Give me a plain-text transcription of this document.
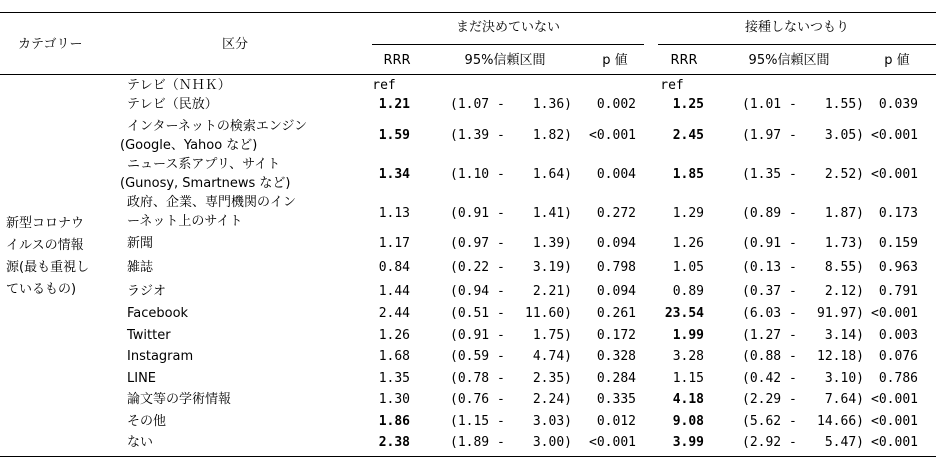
カテゴリー	区分
まだ決めていない	接種しないつもり
RRR	95%信頼区間	p 値	RRR	95%信頼区間	p 値
新型コロナウ
イルスの情報
源(最も重視し
ているもの)
テレビ（ＮＨＫ）	ref	ref
テレビ（民放）	1.21	(1.07 -	1.36)	0.002	1.25	(1.01 -	1.55)	0.039
インターネットの検索エンジン
(Google、Yahoo など)
1.59	(1.39 -	1.82)	<0.001	2.45	(1.97 -	3.05) <0.001
ニュース系アプリ、サイト
(Gunosy, Smartnews など)
1.34	(1.10 -	1.64)	0.004	1.85	(1.35 -	2.52) <0.001
政府、企業、専門機関のイン
ーネット上のサイト
1.13	(0.91 -	1.41)	0.272	1.29	(0.89 -	1.87)	0.173
新聞	1.17	(0.97 -	1.39)	0.094	1.26	(0.91 -	1.73)	0.159
雑誌	0.84	(0.22 -	3.19)	0.798	1.05	(0.13 -	8.55)	0.963
ラジオ	1.44	(0.94 -	2.21)	0.094	0.89	(0.37 -	2.12)	0.791
Facebook	2.44	(0.51 -	11.60)	0.261	23.54	(6.03 -	91.97) <0.001
Twitter	1.26	(0.91 -	1.75)	0.172	1.99	(1.27 -	3.14)	0.003
Instagram	1.68	(0.59 -	4.74)	0.328	3.28	(0.88 -	12.18)	0.076
LINE	1.35	(0.78 -	2.35)	0.284	1.15	(0.42 -	3.10)	0.786
論文等の学術情報	1.30	(0.76 -	2.24)	0.335	4.18	(2.29 -	7.64) <0.001
その他	1.86	(1.15 -	3.03)	0.012	9.08	(5.62 -	14.66) <0.001
ない	2.38	(1.89 -	3.00)	<0.001	3.99	(2.92 -	5.47) <0.001
